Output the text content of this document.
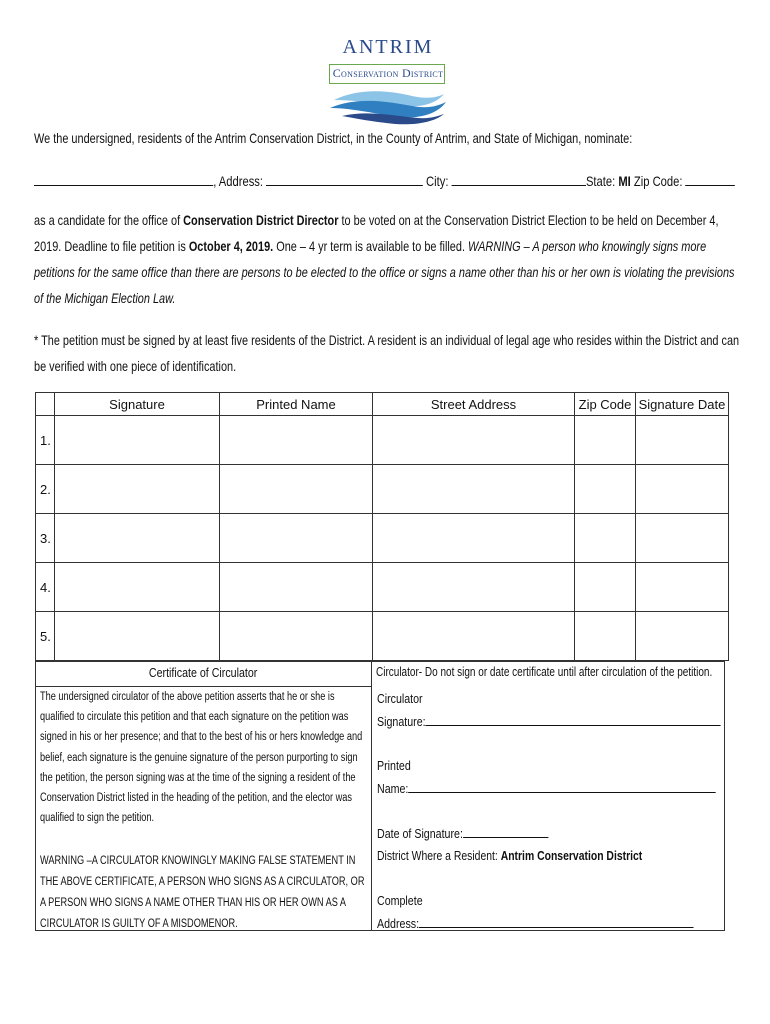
ANTRIM
Conservation District
We the undersigned, residents of the Antrim Conservation District, in the County of Antrim, and State of Michigan, nominate:
, Address:	City:	State: MI Zip Code:
as a candidate for the office of Conservation District Director to be voted on at the Conservation District Election to be held on December 4, 2019. Deadline to file petition is October 4, 2019. One – 4 yr term is available to be filled. WARNING – A person who knowingly signs more petitions for the same office than there are persons to be elected to the office or signs a name other than his or her own is violating the previsions of the Michigan Election Law.
* The petition must be signed by at least five residents of the District. A resident is an individual of legal age who resides within the District and can be verified with one piece of identification.
	Signature	Printed Name	Street Address	Zip Code	Signature Date
1.					
2.					
3.					
4.					
5.					
Certificate of Circulator	Circulator- Do not sign or date certificate until after circulation of the petition.
The undersigned circulator of the above petition asserts that he or she is qualified to circulate this petition and that each signature on the petition was signed in his or her presence; and that to the best of his or hers knowledge and belief, each signature is the genuine signature of the person purporting to sign the petition, the person signing was at the time of the signing a resident of the Conservation District listed in the heading of the petition, and the elector was qualified to sign the petition.
WARNING –A CIRCULATOR KNOWINGLY MAKING FALSE STATEMENT IN THE ABOVE CERTIFICATE, A PERSON WHO SIGNS AS A CIRCULATOR, OR A PERSON WHO SIGNS A NAME OTHER THAN HIS OR HER OWN AS A CIRCULATOR IS GUILTY OF A MISDOMENOR.
Circulator
Signature:
Printed
Name:
Date of Signature:
District Where a Resident: Antrim Conservation District
Complete
Address:
